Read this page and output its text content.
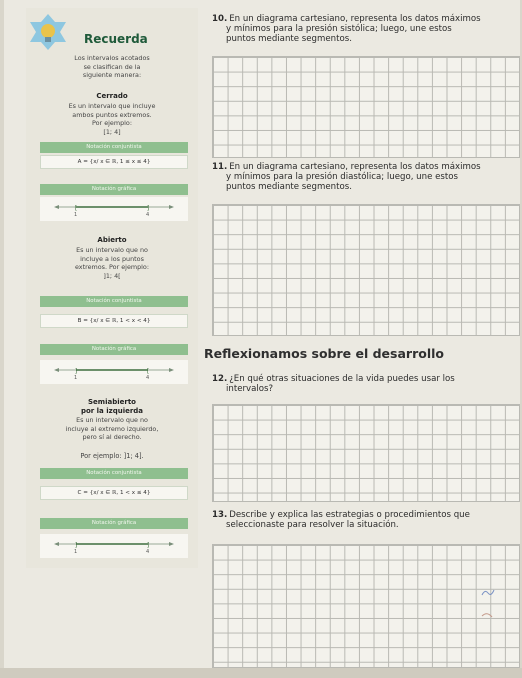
Recuerda
Los intervalos acotados
se clasifican de la
siguiente manera:
Cerrado
Es un intervalo que incluye
ambos puntos extremos.
Por ejemplo:
[1; 4]
Notación conjuntista
A = {x/ x ∈ ℝ, 1 ≤ x ≤ 4}
Notación gráfica
[	]
1	4
Abierto
Es un intervalo que no
incluye a los puntos
extremos. Por ejemplo:
]1; 4[
Notación conjuntista
B = {x/ x ∈ ℝ, 1 < x < 4}
Notación gráfica
]	[
1	4
Semiabierto
por la izquierda
Es un intervalo que no
incluye al extremo izquierdo,
pero sí al derecho.
Por ejemplo: ]1; 4].
Notación conjuntista
C = {x/ x ∈ ℝ, 1 < x ≤ 4}
Notación gráfica
]	]
1	4
10. En un diagrama cartesiano, representa los datos máximos
y mínimos para la presión sistólica; luego, une estos
puntos mediante segmentos.
11. En un diagrama cartesiano, representa los datos máximos
y mínimos para la presión diastólica; luego, une estos
puntos mediante segmentos.
Reflexionamos sobre el desarrollo
12. ¿En qué otras situaciones de la vida puedes usar los
intervalos?
13. Describe y explica las estrategias o procedimientos que
seleccionaste para resolver la situación.
